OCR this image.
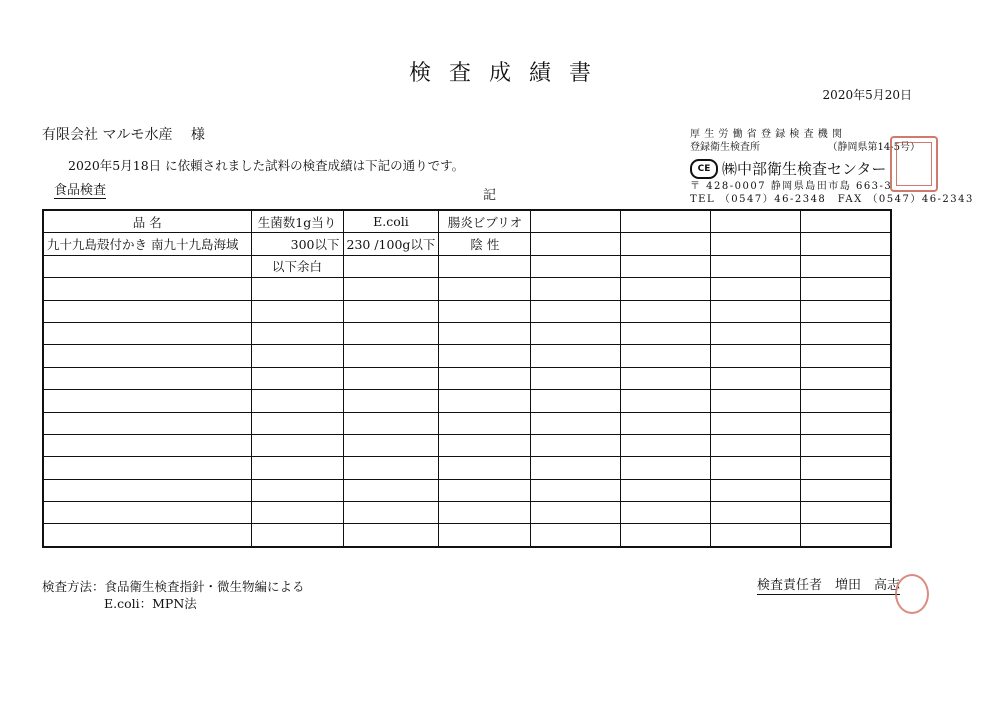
検査成績書
2020年5月20日
有限会社 マルモ水産　 様
2020年5月18日 に依頼されました試料の検査成績は下記の通りです。
食品検査	記
厚生労働省登録検査機関
登録衛生検査所	（静岡県第14-5号）
CE ㈱中部衛生検査センター
〒 428-0007 静岡県島田市島 663-3
TEL （0547）46-2348　FAX （0547）46-2343
品 名	生菌数1g当り	E.coli	腸炎ビブリオ				
九十九島殻付かき 南九十九島海域	300以下	230 /100g以下	陰 性				
	以下余白						

検査方法：食品衛生検査指針・微生物編による
E.coli：MPN法
検査責任者　増田　高志
